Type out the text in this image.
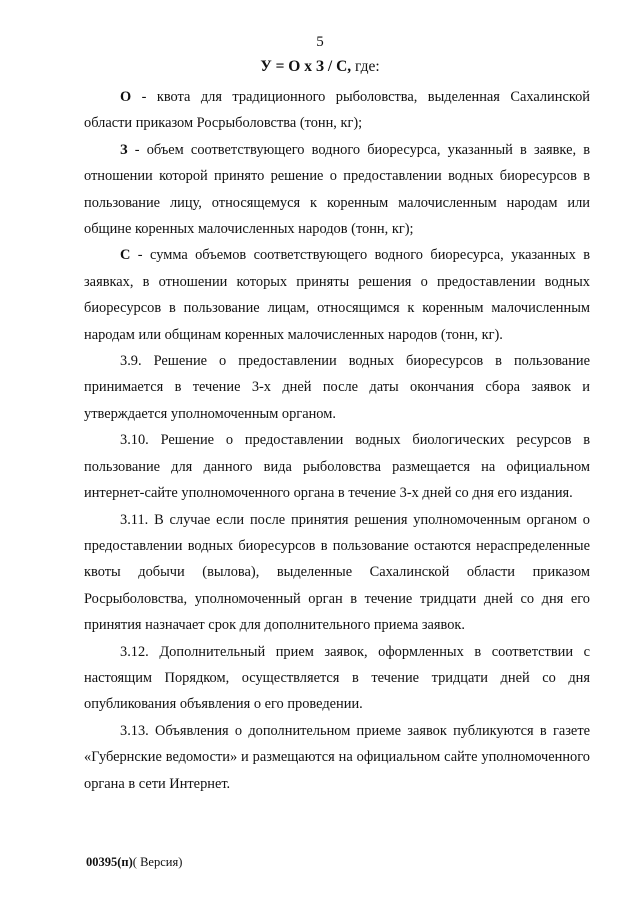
5
У = О х З / С, где:

О - квота для традиционного рыболовства, выделенная Сахалинской области приказом Росрыболовства (тонн, кг);

З - объем соответствующего водного биоресурса, указанный в заявке, в отношении которой принято решение о предоставлении водных биоресурсов в пользование лицу, относящемуся к коренным малочисленным народам или общине коренных малочисленных народов (тонн, кг);

С - сумма объемов соответствующего водного биоресурса, указанных в заявках, в отношении которых приняты решения о предоставлении водных биоресурсов в пользование лицам, относящимся к коренным малочисленным народам или общинам коренных малочисленных народов (тонн, кг).

3.9. Решение о предоставлении водных биоресурсов в пользование принимается в течение 3-х дней после даты окончания сбора заявок и утверждается уполномоченным органом.

3.10. Решение о предоставлении водных биологических ресурсов в пользование для данного вида рыболовства размещается на официальном интернет-сайте уполномоченного органа в течение 3-х дней со дня его издания.

3.11. В случае если после принятия решения уполномоченным органом о предоставлении водных биоресурсов в пользование остаются нераспределенные квоты добычи (вылова), выделенные Сахалинской области приказом Росрыболовства, уполномоченный орган в течение тридцати дней со дня его принятия назначает срок для дополнительного приема заявок.

3.12. Дополнительный прием заявок, оформленных в соответствии с настоящим Порядком, осуществляется в течение тридцати дней со дня опубликования объявления о его проведении.

3.13. Объявления о дополнительном приеме заявок публикуются в газете «Губернские ведомости» и размещаются на официальном сайте уполномоченного органа в сети Интернет.

00395(п)( Версия)
